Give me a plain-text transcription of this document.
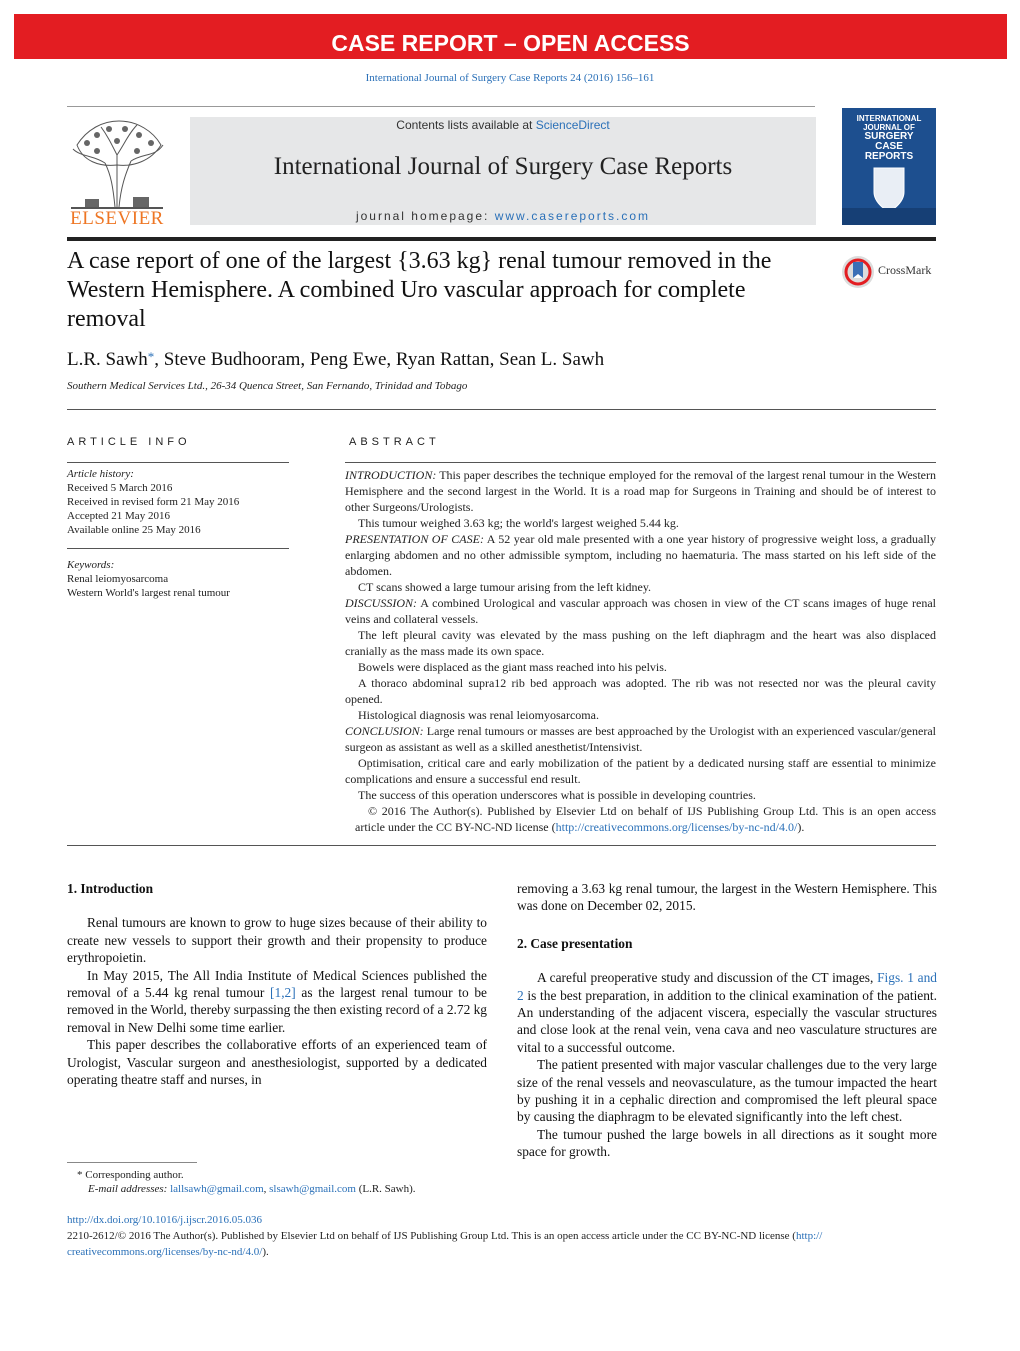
CASE REPORT – OPEN ACCESS
International Journal of Surgery Case Reports 24 (2016) 156–161
ELSEVIER
Contents lists available at ScienceDirect
International Journal of Surgery Case Reports
journal homepage: www.casereports.com
INTERNATIONAL JOURNAL OF
SURGERY
CASE
REPORTS
A case report of one of the largest {3.63 kg} renal tumour removed in the Western Hemisphere. A combined Uro vascular approach for complete removal
CrossMark
L.R. Sawh*, Steve Budhooram, Peng Ewe, Ryan Rattan, Sean L. Sawh
Southern Medical Services Ltd., 26-34 Quenca Street, San Fernando, Trinidad and Tobago
ARTICLE INFO	ABSTRACT
Article history:
Received 5 March 2016
Received in revised form 21 May 2016
Accepted 21 May 2016
Available online 25 May 2016
Keywords:
Renal leiomyosarcoma
Western World's largest renal tumour

INTRODUCTION: This paper describes the technique employed for the removal of the largest renal tumour in the Western Hemisphere and the second largest in the World. It is a road map for Surgeons in Training and should be of interest to other Surgeons/Urologists.

This tumour weighed 3.63 kg; the world's largest weighed 5.44 kg.

PRESENTATION OF CASE: A 52 year old male presented with a one year history of progressive weight loss, a gradually enlarging abdomen and no other admissible symptom, including no haematuria. The mass started on his left side of the abdomen.

CT scans showed a large tumour arising from the left kidney.

DISCUSSION: A combined Urological and vascular approach was chosen in view of the CT scans images of huge renal veins and collateral vessels.

The left pleural cavity was elevated by the mass pushing on the left diaphragm and the heart was also displaced cranially as the mass made its own space.

Bowels were displaced as the giant mass reached into his pelvis.

A thoraco abdominal supra12 rib bed approach was adopted. The rib was not resected nor was the pleural cavity opened.

Histological diagnosis was renal leiomyosarcoma.

CONCLUSION: Large renal tumours or masses are best approached by the Urologist with an experienced vascular/general surgeon as assistant as well as a skilled anesthetist/Intensivist.

Optimisation, critical care and early mobilization of the patient by a dedicated nursing staff are essential to minimize complications and ensure a successful end result.

The success of this operation underscores what is possible in developing countries.

© 2016 The Author(s). Published by Elsevier Ltd on behalf of IJS Publishing Group Ltd. This is an open access article under the CC BY-NC-ND license (http://creativecommons.org/licenses/by-nc-nd/4.0/).

1. Introduction

Renal tumours are known to grow to huge sizes because of their ability to create new vessels to support their growth and their propensity to produce erythropoietin.

In May 2015, The All India Institute of Medical Sciences published the removal of a 5.44 kg renal tumour [1,2] as the largest renal tumour to be removed in the World, thereby surpassing the then existing record of a 2.72 kg removal in New Delhi some time earlier.

This paper describes the collaborative efforts of an experienced team of Urologist, Vascular surgeon and anesthesiologist, supported by a dedicated operating theatre staff and nurses, in

removing a 3.63 kg renal tumour, the largest in the Western Hemisphere. This was done on December 02, 2015.

2. Case presentation

A careful preoperative study and discussion of the CT images, Figs. 1 and 2 is the best preparation, in addition to the clinical examination of the patient. An understanding of the adjacent viscera, especially the vascular structures and close look at the renal vein, vena cava and neo vasculature structures are vital to a successful outcome.

The patient presented with major vascular challenges due to the very large size of the renal vessels and neovasculature, as the tumour impacted the heart by pushing it in a cephalic direction and compromised the left pleural space by causing the diaphragm to be elevated significantly into the left chest.

The tumour pushed the large bowels in all directions as it sought more space for growth.

* Corresponding author.
E-mail addresses: lallsawh@gmail.com, slsawh@gmail.com (L.R. Sawh).
http://dx.doi.org/10.1016/j.ijscr.2016.05.036
2210-2612/© 2016 The Author(s). Published by Elsevier Ltd on behalf of IJS Publishing Group Ltd. This is an open access article under the CC BY-NC-ND license (http://
creativecommons.org/licenses/by-nc-nd/4.0/).
